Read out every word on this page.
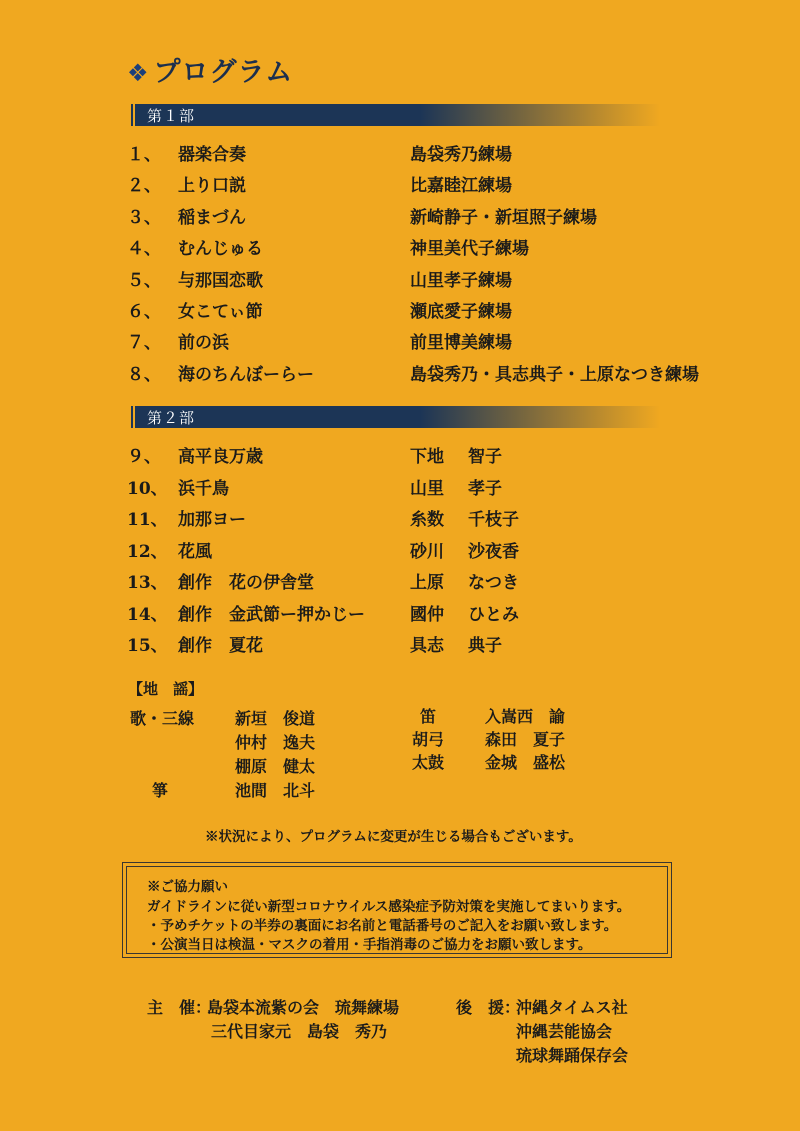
❖ プログラム
第１部
１、 器楽合奏	島袋秀乃練場
２、 上り口説	比嘉睦江練場
３、 稲まづん	新崎静子・新垣照子練場
４、 むんじゅる	神里美代子練場
５、 与那国恋歌	山里孝子練場
６、 女こてぃ節	瀬底愛子練場
７、 前の浜	前里博美練場
８、 海のちんぼーらー	島袋秀乃・具志典子・上原なつき練場
第２部
９、 高平良万歳	下地 智子
10、 浜千鳥	山里 孝子
11、 加那ヨー	糸数 千枝子
12、 花風	砂川 沙夜香
13、 創作　花の伊舎堂	上原 なつき
14、 創作　金武節ー押かじー	國仲 ひとみ
15、 創作　夏花	具志 典子
【地　謡】
歌・三線	新垣　俊道
仲村　逸夫
棚原　健太
箏	池間　北斗
笛	入嵩西　諭
胡弓	森田　夏子
太鼓	金城　盛松
※状況により、プログラムに変更が生じる場合もございます。
※ご協力願い
ガイドラインに従い新型コロナウイルス感染症予防対策を実施してまいります。
・予めチケットの半券の裏面にお名前と電話番号のご記入をお願い致します。
・公演当日は検温・マスクの着用・手指消毒のご協力をお願い致します。
主　催：
島袋本流紫の会　琉舞練場
三代目家元　島袋　秀乃
後　援：
沖縄タイムス社
沖縄芸能協会
琉球舞踊保存会
